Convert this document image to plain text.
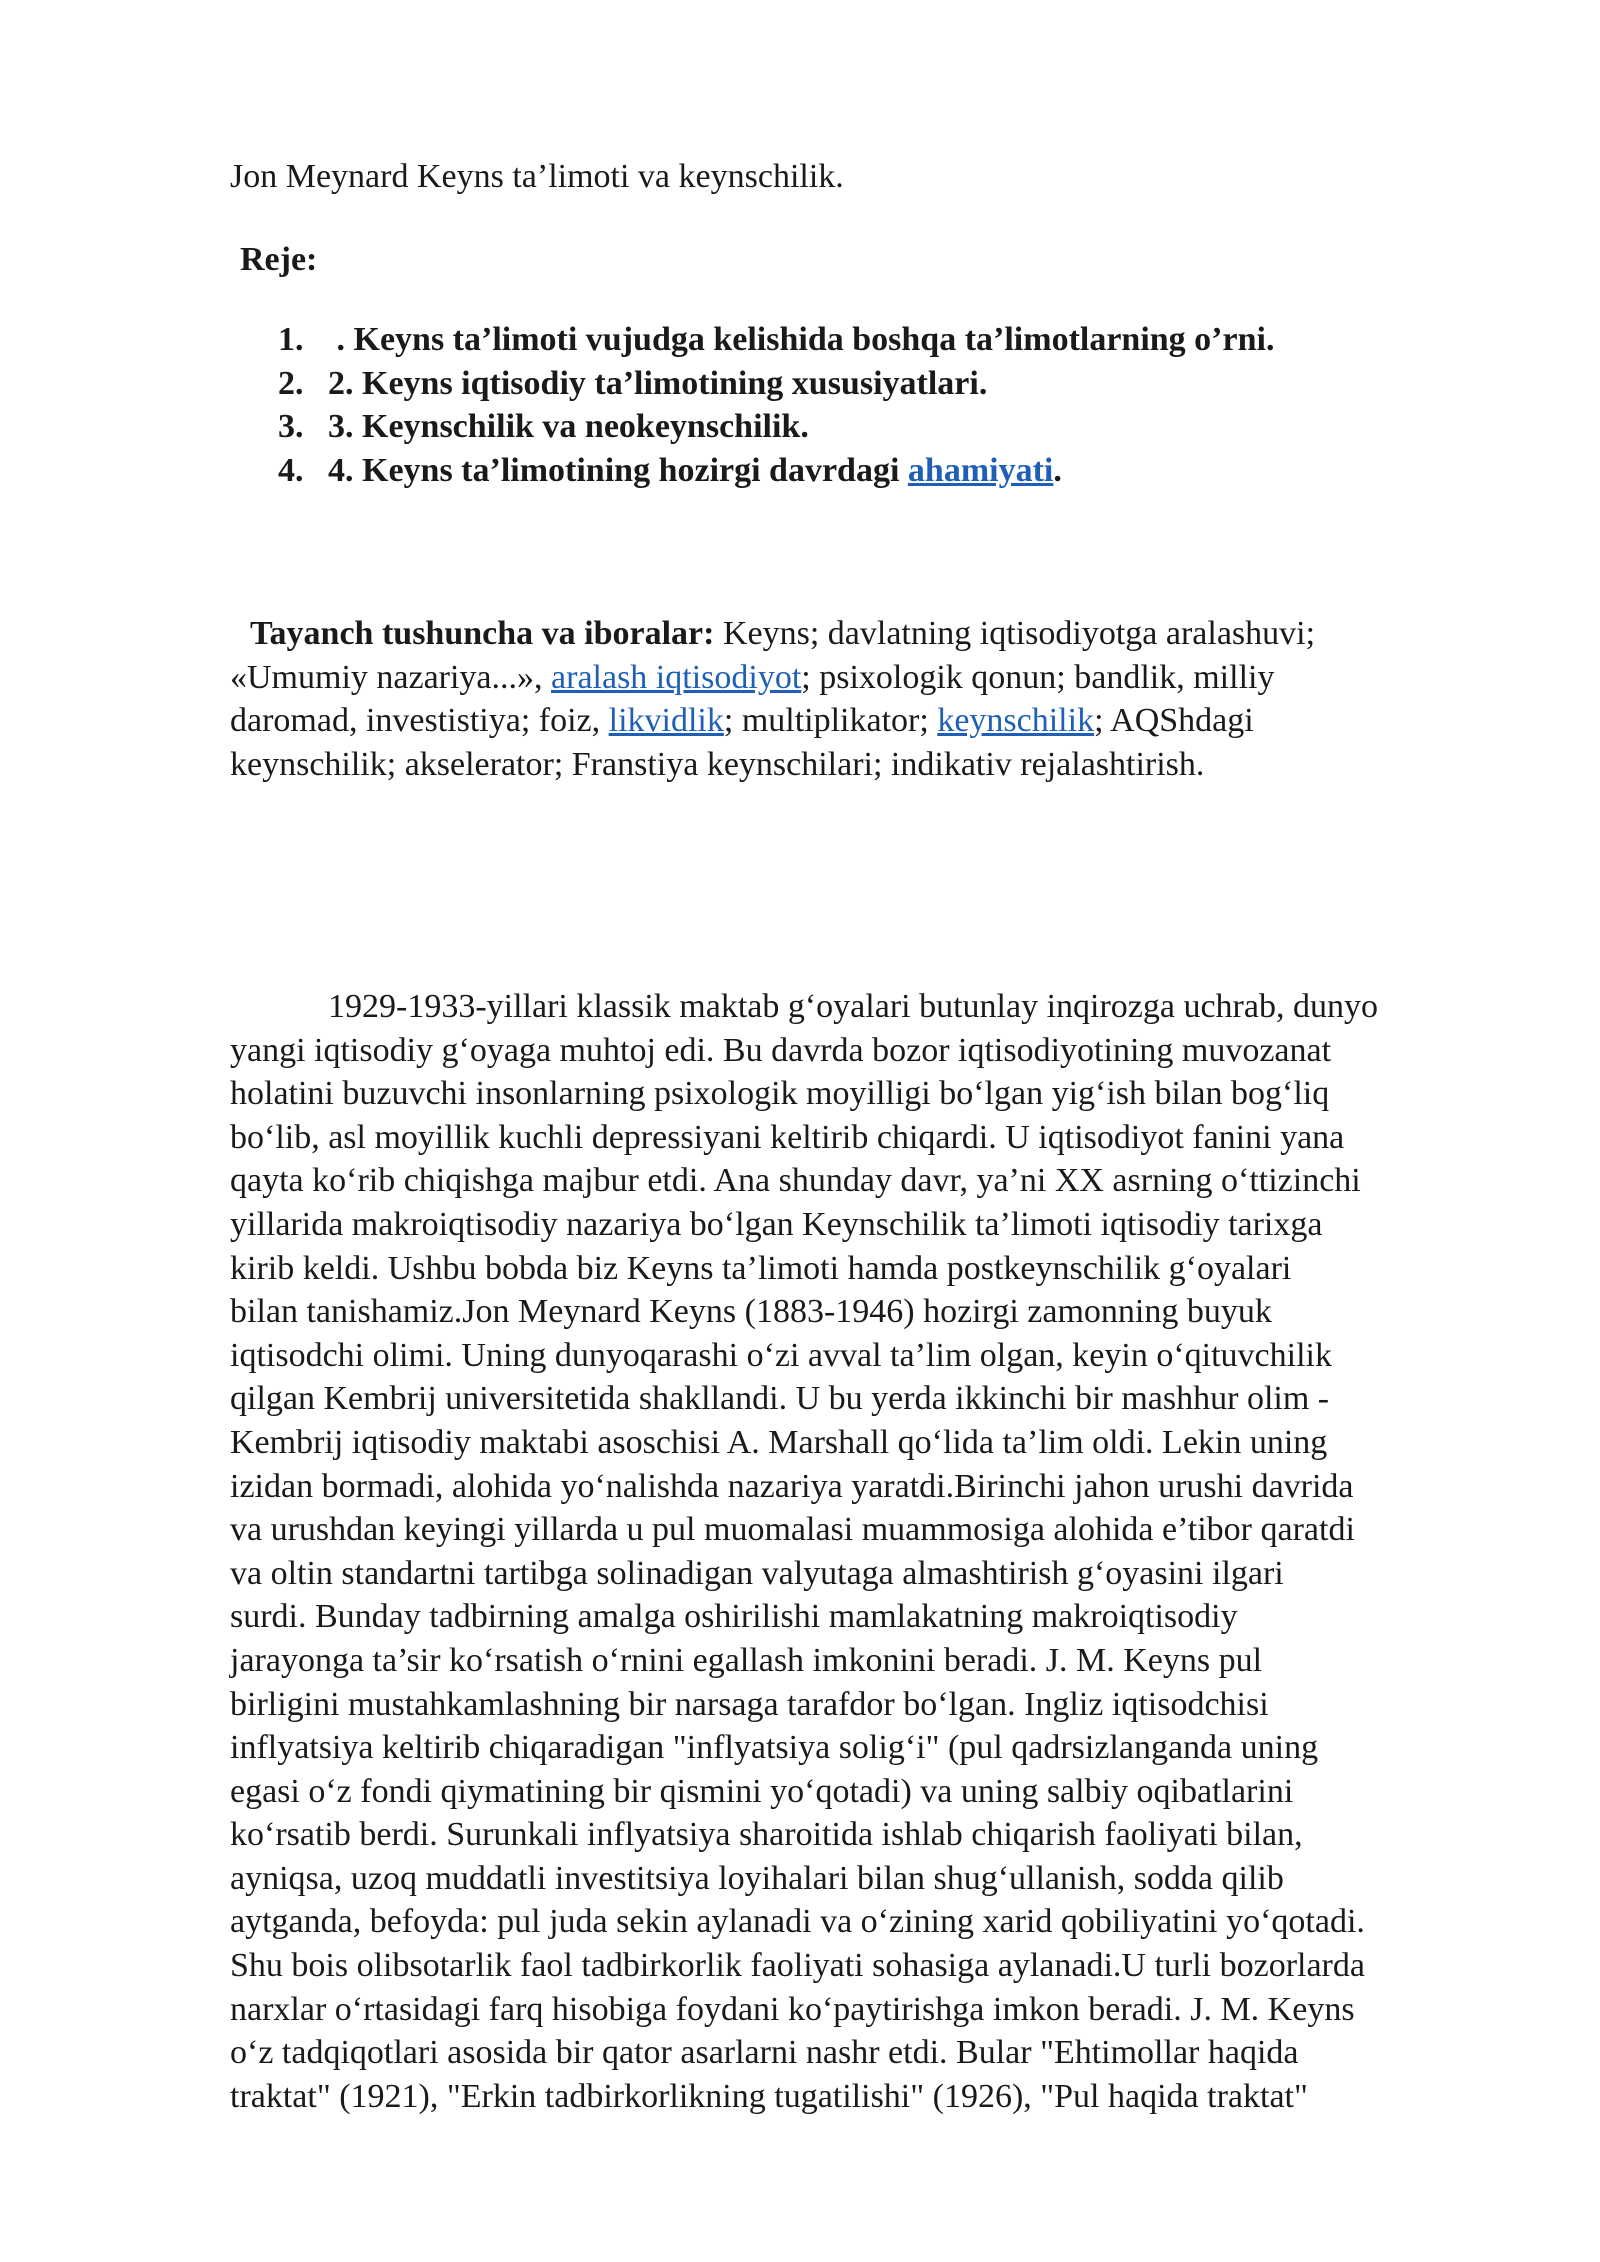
Jon Meynard Keyns ta’limoti va keynschilik.
Reje:
1. . Keyns ta’limoti vujudga kelishida boshqa ta’limotlarning o’rni.
2. 2. Keyns iqtisodiy ta’limotining xususiyatlari.
3. 3. Keynschilik va neokeynschilik.
4. 4. Keyns ta’limotining hozirgi davrdagi ahamiyati.
Tayanch tushuncha va iboralar: Keyns; davlatning iqtisodiyotga aralashuvi;
«Umumiy nazariya...», aralash iqtisodiyot; psixologik qonun; bandlik, milliy
daromad, investistiya; foiz, likvidlik; multiplikator; keynschilik; AQShdagi
keynschilik; akselerator; Franstiya keynschilari; indikativ rejalashtirish.
1929-1933-yillari klassik maktab g‘oyalari butunlay inqirozga uchrab, dunyo
yangi iqtisodiy g‘oyaga muhtoj edi. Bu davrda bozor iqtisodiyotining muvozanat
holatini buzuvchi insonlarning psixologik moyilligi bo‘lgan yig‘ish bilan bog‘liq
bo‘lib, asl moyillik kuchli depressiyani keltirib chiqardi. U iqtisodiyot fanini yana
qayta ko‘rib chiqishga majbur etdi. Ana shunday davr, ya’ni XX asrning o‘ttizinchi
yillarida makroiqtisodiy nazariya bo‘lgan Keynschilik ta’limoti iqtisodiy tarixga
kirib keldi. Ushbu bobda biz Keyns ta’limoti hamda postkeynschilik g‘oyalari
bilan tanishamiz.Jon Meynard Keyns (1883-1946) hozirgi zamonning buyuk
iqtisodchi olimi. Uning dunyoqarashi o‘zi avval ta’lim olgan, keyin o‘qituvchilik
qilgan Kembrij universitetida shakllandi. U bu yerda ikkinchi bir mashhur olim -
Kembrij iqtisodiy maktabi asoschisi A. Marshall qo‘lida ta’lim oldi. Lekin uning
izidan bormadi, alohida yo‘nalishda nazariya yaratdi.Birinchi jahon urushi davrida
va urushdan keyingi yillarda u pul muomalasi muammosiga alohida e’tibor qaratdi
va oltin standartni tartibga solinadigan valyutaga almashtirish g‘oyasini ilgari
surdi. Bunday tadbirning amalga oshirilishi mamlakatning makroiqtisodiy
jarayonga ta’sir ko‘rsatish o‘rnini egallash imkonini beradi. J. M. Keyns pul
birligini mustahkamlashning bir narsaga tarafdor bo‘lgan. Ingliz iqtisodchisi
inflyatsiya keltirib chiqaradigan "inflyatsiya solig‘i" (pul qadrsizlanganda uning
egasi o‘z fondi qiymatining bir qismini yo‘qotadi) va uning salbiy oqibatlarini
ko‘rsatib berdi. Surunkali inflyatsiya sharoitida ishlab chiqarish faoliyati bilan,
ayniqsa, uzoq muddatli investitsiya loyihalari bilan shug‘ullanish, sodda qilib
aytganda, befoyda: pul juda sekin aylanadi va o‘zining xarid qobiliyatini yo‘qotadi.
Shu bois olibsotarlik faol tadbirkorlik faoliyati sohasiga aylanadi.U turli bozorlarda
narxlar o‘rtasidagi farq hisobiga foydani ko‘paytirishga imkon beradi. J. M. Keyns
o‘z tadqiqotlari asosida bir qator asarlarni nashr etdi. Bular "Ehtimollar haqida
traktat" (1921), "Erkin tadbirkorlikning tugatilishi" (1926), "Pul haqida traktat"
